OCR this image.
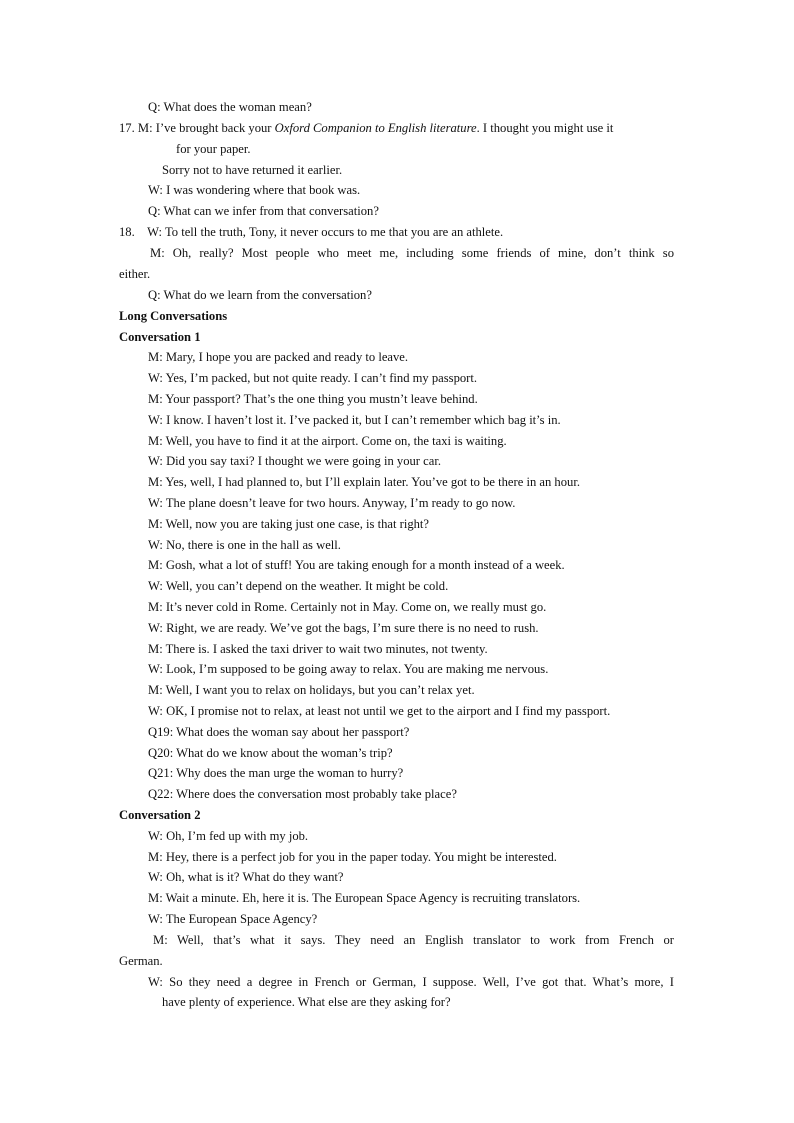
Q: What does the woman mean?
17. M: I’ve brought back your Oxford Companion to English literature. I thought you might use it
for your paper.
Sorry not to have returned it earlier.
W: I was wondering where that book was.
Q: What can we infer from that conversation?
18. W: To tell the truth, Tony, it never occurs to me that you are an athlete.
M: Oh, really? Most people who meet me, including some friends of mine, don’t think so
either.
Q: What do we learn from the conversation?
Long Conversations
Conversation 1
M: Mary, I hope you are packed and ready to leave.
W: Yes, I’m packed, but not quite ready. I can’t find my passport.
M: Your passport? That’s the one thing you mustn’t leave behind.
W: I know. I haven’t lost it. I’ve packed it, but I can’t remember which bag it’s in.
M: Well, you have to find it at the airport. Come on, the taxi is waiting.
W: Did you say taxi? I thought we were going in your car.
M: Yes, well, I had planned to, but I’ll explain later. You’ve got to be there in an hour.
W: The plane doesn’t leave for two hours. Anyway, I’m ready to go now.
M: Well, now you are taking just one case, is that right?
W: No, there is one in the hall as well.
M: Gosh, what a lot of stuff! You are taking enough for a month instead of a week.
W: Well, you can’t depend on the weather. It might be cold.
M: It’s never cold in Rome. Certainly not in May. Come on, we really must go.
W: Right, we are ready. We’ve got the bags, I’m sure there is no need to rush.
M: There is. I asked the taxi driver to wait two minutes, not twenty.
W: Look, I’m supposed to be going away to relax. You are making me nervous.
M: Well, I want you to relax on holidays, but you can’t relax yet.
W: OK, I promise not to relax, at least not until we get to the airport and I find my passport.
Q19: What does the woman say about her passport?
Q20: What do we know about the woman’s trip?
Q21: Why does the man urge the woman to hurry?
Q22: Where does the conversation most probably take place?
Conversation 2
W: Oh, I’m fed up with my job.
M: Hey, there is a perfect job for you in the paper today. You might be interested.
W: Oh, what is it? What do they want?
M: Wait a minute. Eh, here it is. The European Space Agency is recruiting translators.
W: The European Space Agency?
M: Well, that’s what it says. They need an English translator to work from French or
German.
W: So they need a degree in French or German, I suppose. Well, I’ve got that. What’s more, I
have plenty of experience. What else are they asking for?
